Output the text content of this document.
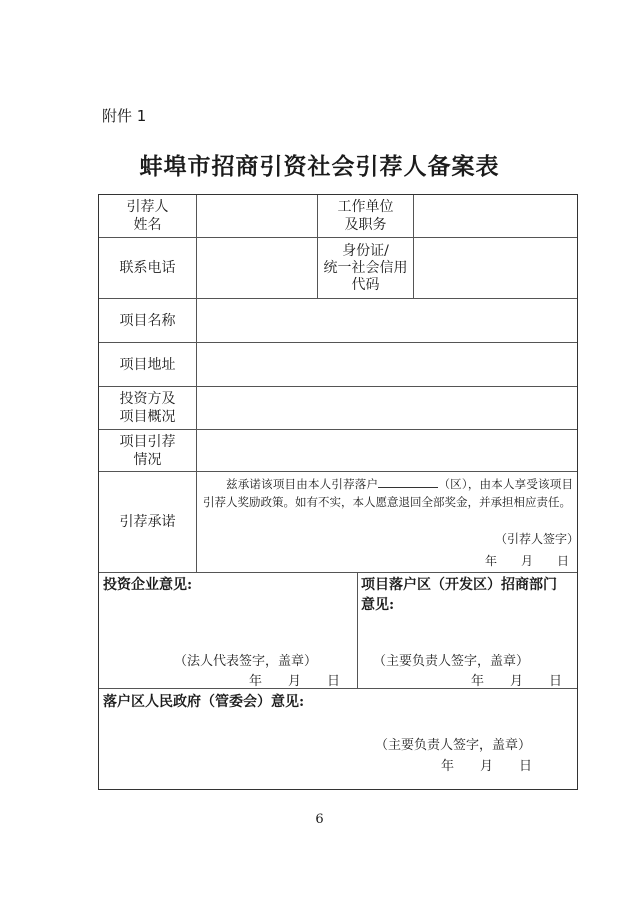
附件 1
蚌埠市招商引资社会引荐人备案表
引荐人
姓名
工作单位
及职务
联系电话
身份证/
统一社会信用
代码
项目名称
项目地址
投资方及
项目概况
项目引荐
情况
引荐承诺
兹承诺该项目由本人引荐落户	（区），由本人享受该项目引荐人奖励政策。如有不实，本人愿意退回全部奖金，并承担相应责任。
（引荐人签字）
年　　月　　日
投资企业意见:
（法人代表签字，盖章）
年　　月　　日
项目落户区（开发区）招商部门
意见:
（主要负责人签字，盖章）
年　　月　　日
落户区人民政府（管委会）意见:
（主要负责人签字，盖章）
年　　月　　日
6
